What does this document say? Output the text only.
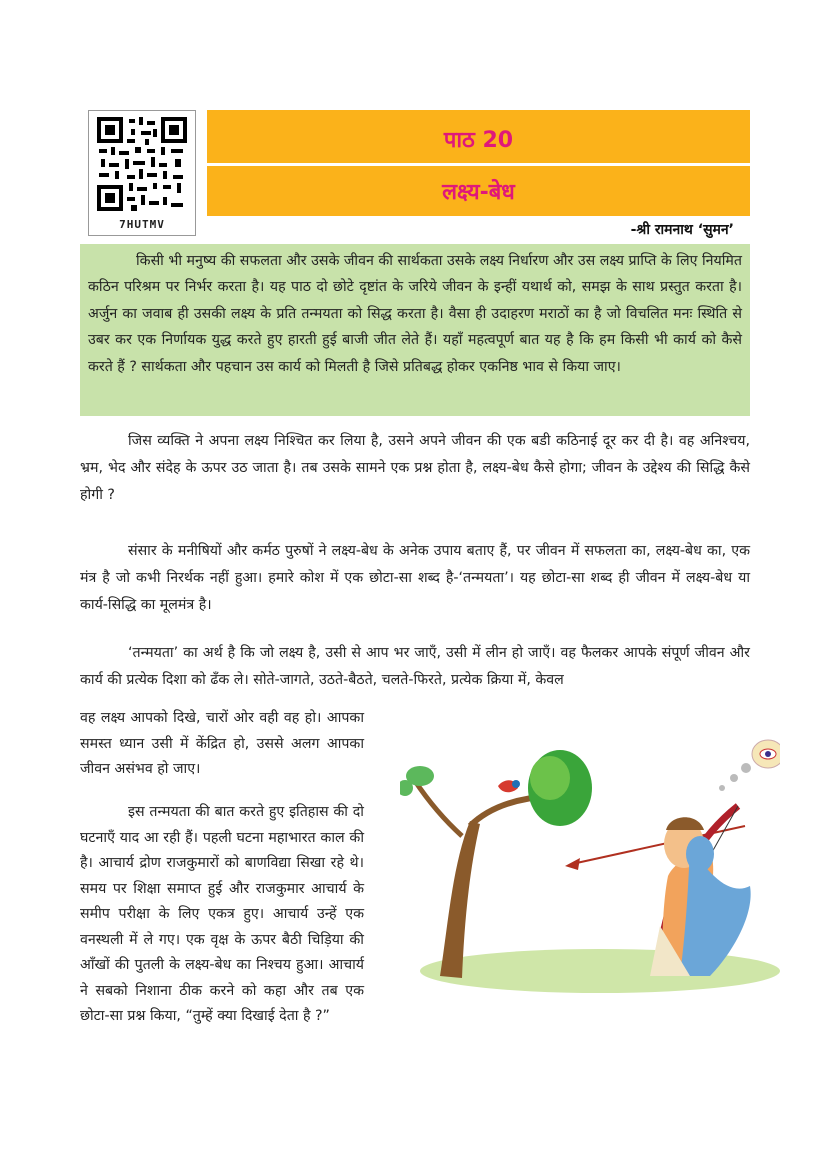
7HUTMV
पाठ 20
लक्ष्य-बेध
-श्री रामनाथ ‘सुमन’

किसी भी मनुष्य की सफलता और उसके जीवन की सार्थकता उसके लक्ष्य निर्धारण और उस लक्ष्य प्राप्ति के लिए नियमित कठिन परिश्रम पर निर्भर करता है। यह पाठ दो छोटे दृष्टांत के जरिये जीवन के इन्हीं यथार्थ को, समझ के साथ प्रस्तुत करता है। अर्जुन का जवाब ही उसकी लक्ष्य के प्रति तन्मयता को सिद्ध करता है। वैसा ही उदाहरण मराठों का है जो विचलित मनः स्थिति से उबर कर एक निर्णायक युद्ध करते हुए हारती हुई बाजी जीत लेते हैं। यहाँ महत्वपूर्ण बात यह है कि हम किसी भी कार्य को कैसे करते हैं ? सार्थकता और पहचान उस कार्य को मिलती है जिसे प्रतिबद्ध होकर एकनिष्ठ भाव से किया जाए।

जिस व्यक्ति ने अपना लक्ष्य निश्चित कर लिया है, उसने अपने जीवन की एक बडी कठिनाई दूर कर दी है। वह अनिश्चय, भ्रम, भेद और संदेह के ऊपर उठ जाता है। तब उसके सामने एक प्रश्न होता है, लक्ष्य-बेध कैसे होगा; जीवन के उद्देश्य की सिद्धि कैसे होगी ?

संसार के मनीषियों और कर्मठ पुरुषों ने लक्ष्य-बेध के अनेक उपाय बताए हैं, पर जीवन में सफलता का, लक्ष्य-बेध का, एक मंत्र है जो कभी निरर्थक नहीं हुआ। हमारे कोश में एक छोटा-सा शब्द है-‘तन्मयता’। यह छोटा-सा शब्द ही जीवन में लक्ष्य-बेध या कार्य-सिद्धि का मूलमंत्र है।

‘तन्मयता’ का अर्थ है कि जो लक्ष्य है, उसी से आप भर जाएँ, उसी में लीन हो जाएँ। वह फैलकर आपके संपूर्ण जीवन और कार्य की प्रत्येक दिशा को ढँक ले। सोते-जागते, उठते-बैठते, चलते-फिरते, प्रत्येक क्रिया में, केवल

वह लक्ष्य आपको दिखे, चारों ओर वही वह हो। आपका समस्त ध्यान उसी में केंद्रित हो, उससे अलग आपका जीवन असंभव हो जाए।

इस तन्मयता की बात करते हुए इतिहास की दो घटनाएँ याद आ रही हैं। पहली घटना महाभारत काल की है। आचार्य द्रोण राजकुमारों को बाणविद्या सिखा रहे थे। समय पर शिक्षा समाप्त हुई और राजकुमार आचार्य के समीप परीक्षा के लिए एकत्र हुए। आचार्य उन्हें एक वनस्थली में ले गए। एक वृक्ष के ऊपर बैठी चिड़िया की आँखों की पुतली के लक्ष्य-बेध का निश्चय हुआ। आचार्य ने सबको निशाना ठीक करने को कहा और तब एक छोटा-सा प्रश्न किया, “तुम्हें क्या दिखाई देता है ?”
